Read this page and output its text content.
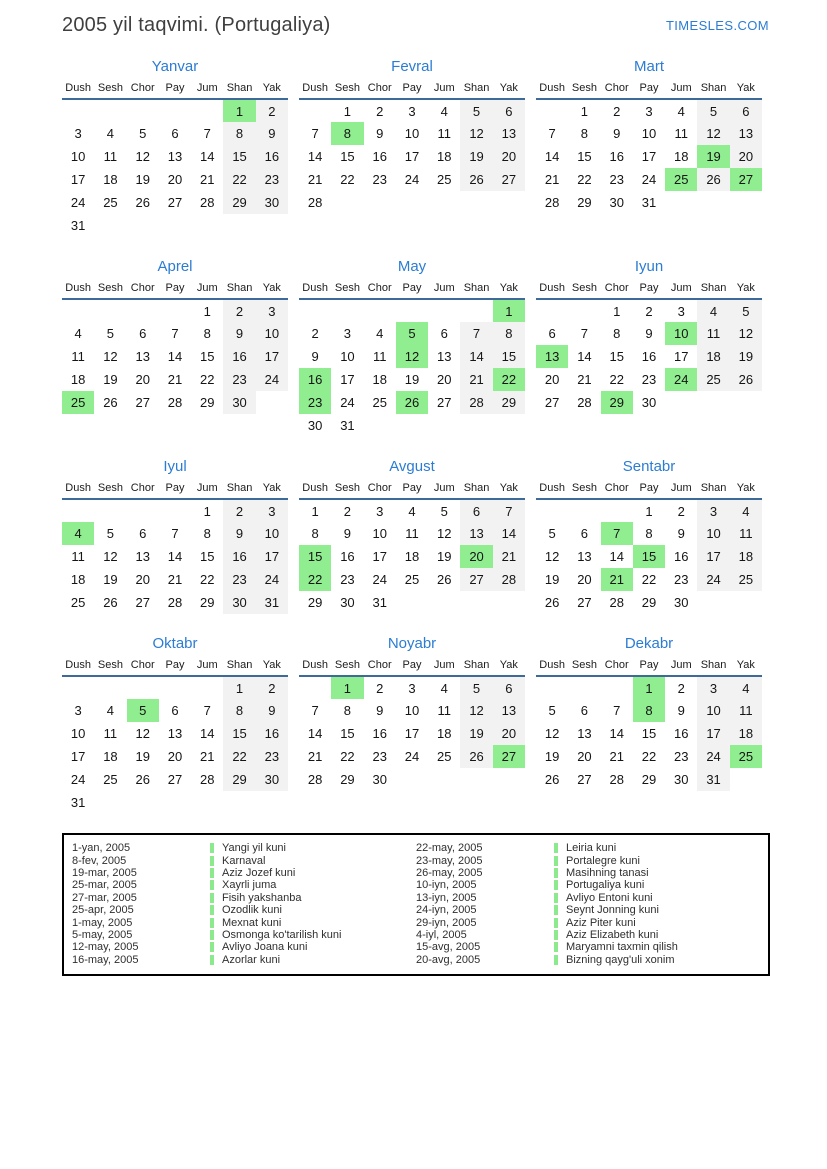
2005 yil taqvimi. (Portugaliya)	TIMESLES.COM
Yanvar
Dush	Sesh	Chor	Pay	Jum	Shan	Yak
					1	2
3	4	5	6	7	8	9
10	11	12	13	14	15	16
17	18	19	20	21	22	23
24	25	26	27	28	29	30
31						
Fevral
Dush	Sesh	Chor	Pay	Jum	Shan	Yak
	1	2	3	4	5	6
7	8	9	10	11	12	13
14	15	16	17	18	19	20
21	22	23	24	25	26	27
28						
Mart
Dush	Sesh	Chor	Pay	Jum	Shan	Yak
	1	2	3	4	5	6
7	8	9	10	11	12	13
14	15	16	17	18	19	20
21	22	23	24	25	26	27
28	29	30	31			
Aprel
Dush	Sesh	Chor	Pay	Jum	Shan	Yak
				1	2	3
4	5	6	7	8	9	10
11	12	13	14	15	16	17
18	19	20	21	22	23	24
25	26	27	28	29	30	
May
Dush	Sesh	Chor	Pay	Jum	Shan	Yak
						1
2	3	4	5	6	7	8
9	10	11	12	13	14	15
16	17	18	19	20	21	22
23	24	25	26	27	28	29
30	31					
Iyun
Dush	Sesh	Chor	Pay	Jum	Shan	Yak
		1	2	3	4	5
6	7	8	9	10	11	12
13	14	15	16	17	18	19
20	21	22	23	24	25	26
27	28	29	30			
Iyul
Dush	Sesh	Chor	Pay	Jum	Shan	Yak
				1	2	3
4	5	6	7	8	9	10
11	12	13	14	15	16	17
18	19	20	21	22	23	24
25	26	27	28	29	30	31
Avgust
Dush	Sesh	Chor	Pay	Jum	Shan	Yak
1	2	3	4	5	6	7
8	9	10	11	12	13	14
15	16	17	18	19	20	21
22	23	24	25	26	27	28
29	30	31				
Sentabr
Dush	Sesh	Chor	Pay	Jum	Shan	Yak
			1	2	3	4
5	6	7	8	9	10	11
12	13	14	15	16	17	18
19	20	21	22	23	24	25
26	27	28	29	30		
Oktabr
Dush	Sesh	Chor	Pay	Jum	Shan	Yak
					1	2
3	4	5	6	7	8	9
10	11	12	13	14	15	16
17	18	19	20	21	22	23
24	25	26	27	28	29	30
31						
Noyabr
Dush	Sesh	Chor	Pay	Jum	Shan	Yak
	1	2	3	4	5	6
7	8	9	10	11	12	13
14	15	16	17	18	19	20
21	22	23	24	25	26	27
28	29	30				
Dekabr
Dush	Sesh	Chor	Pay	Jum	Shan	Yak
			1	2	3	4
5	6	7	8	9	10	11
12	13	14	15	16	17	18
19	20	21	22	23	24	25
26	27	28	29	30	31	
1-yan, 2005	Yangi yil kuni
8-fev, 2005	Karnaval
19-mar, 2005	Aziz Jozef kuni
25-mar, 2005	Xayrli juma
27-mar, 2005	Fisih yakshanba
25-apr, 2005	Ozodlik kuni
1-may, 2005	Mexnat kuni
5-may, 2005	Osmonga ko'tarilish kuni
12-may, 2005	Avliyo Joana kuni
16-may, 2005	Azorlar kuni
22-may, 2005	Leiria kuni
23-may, 2005	Portalegre kuni
26-may, 2005	Masihning tanasi
10-iyn, 2005	Portugaliya kuni
13-iyn, 2005	Avliyo Entoni kuni
24-iyn, 2005	Seynt Jonning kuni
29-iyn, 2005	Aziz Piter kuni
4-iyl, 2005	Aziz Elizabeth kuni
15-avg, 2005	Maryamni taxmin qilish
20-avg, 2005	Bizning qayg'uli xonim
